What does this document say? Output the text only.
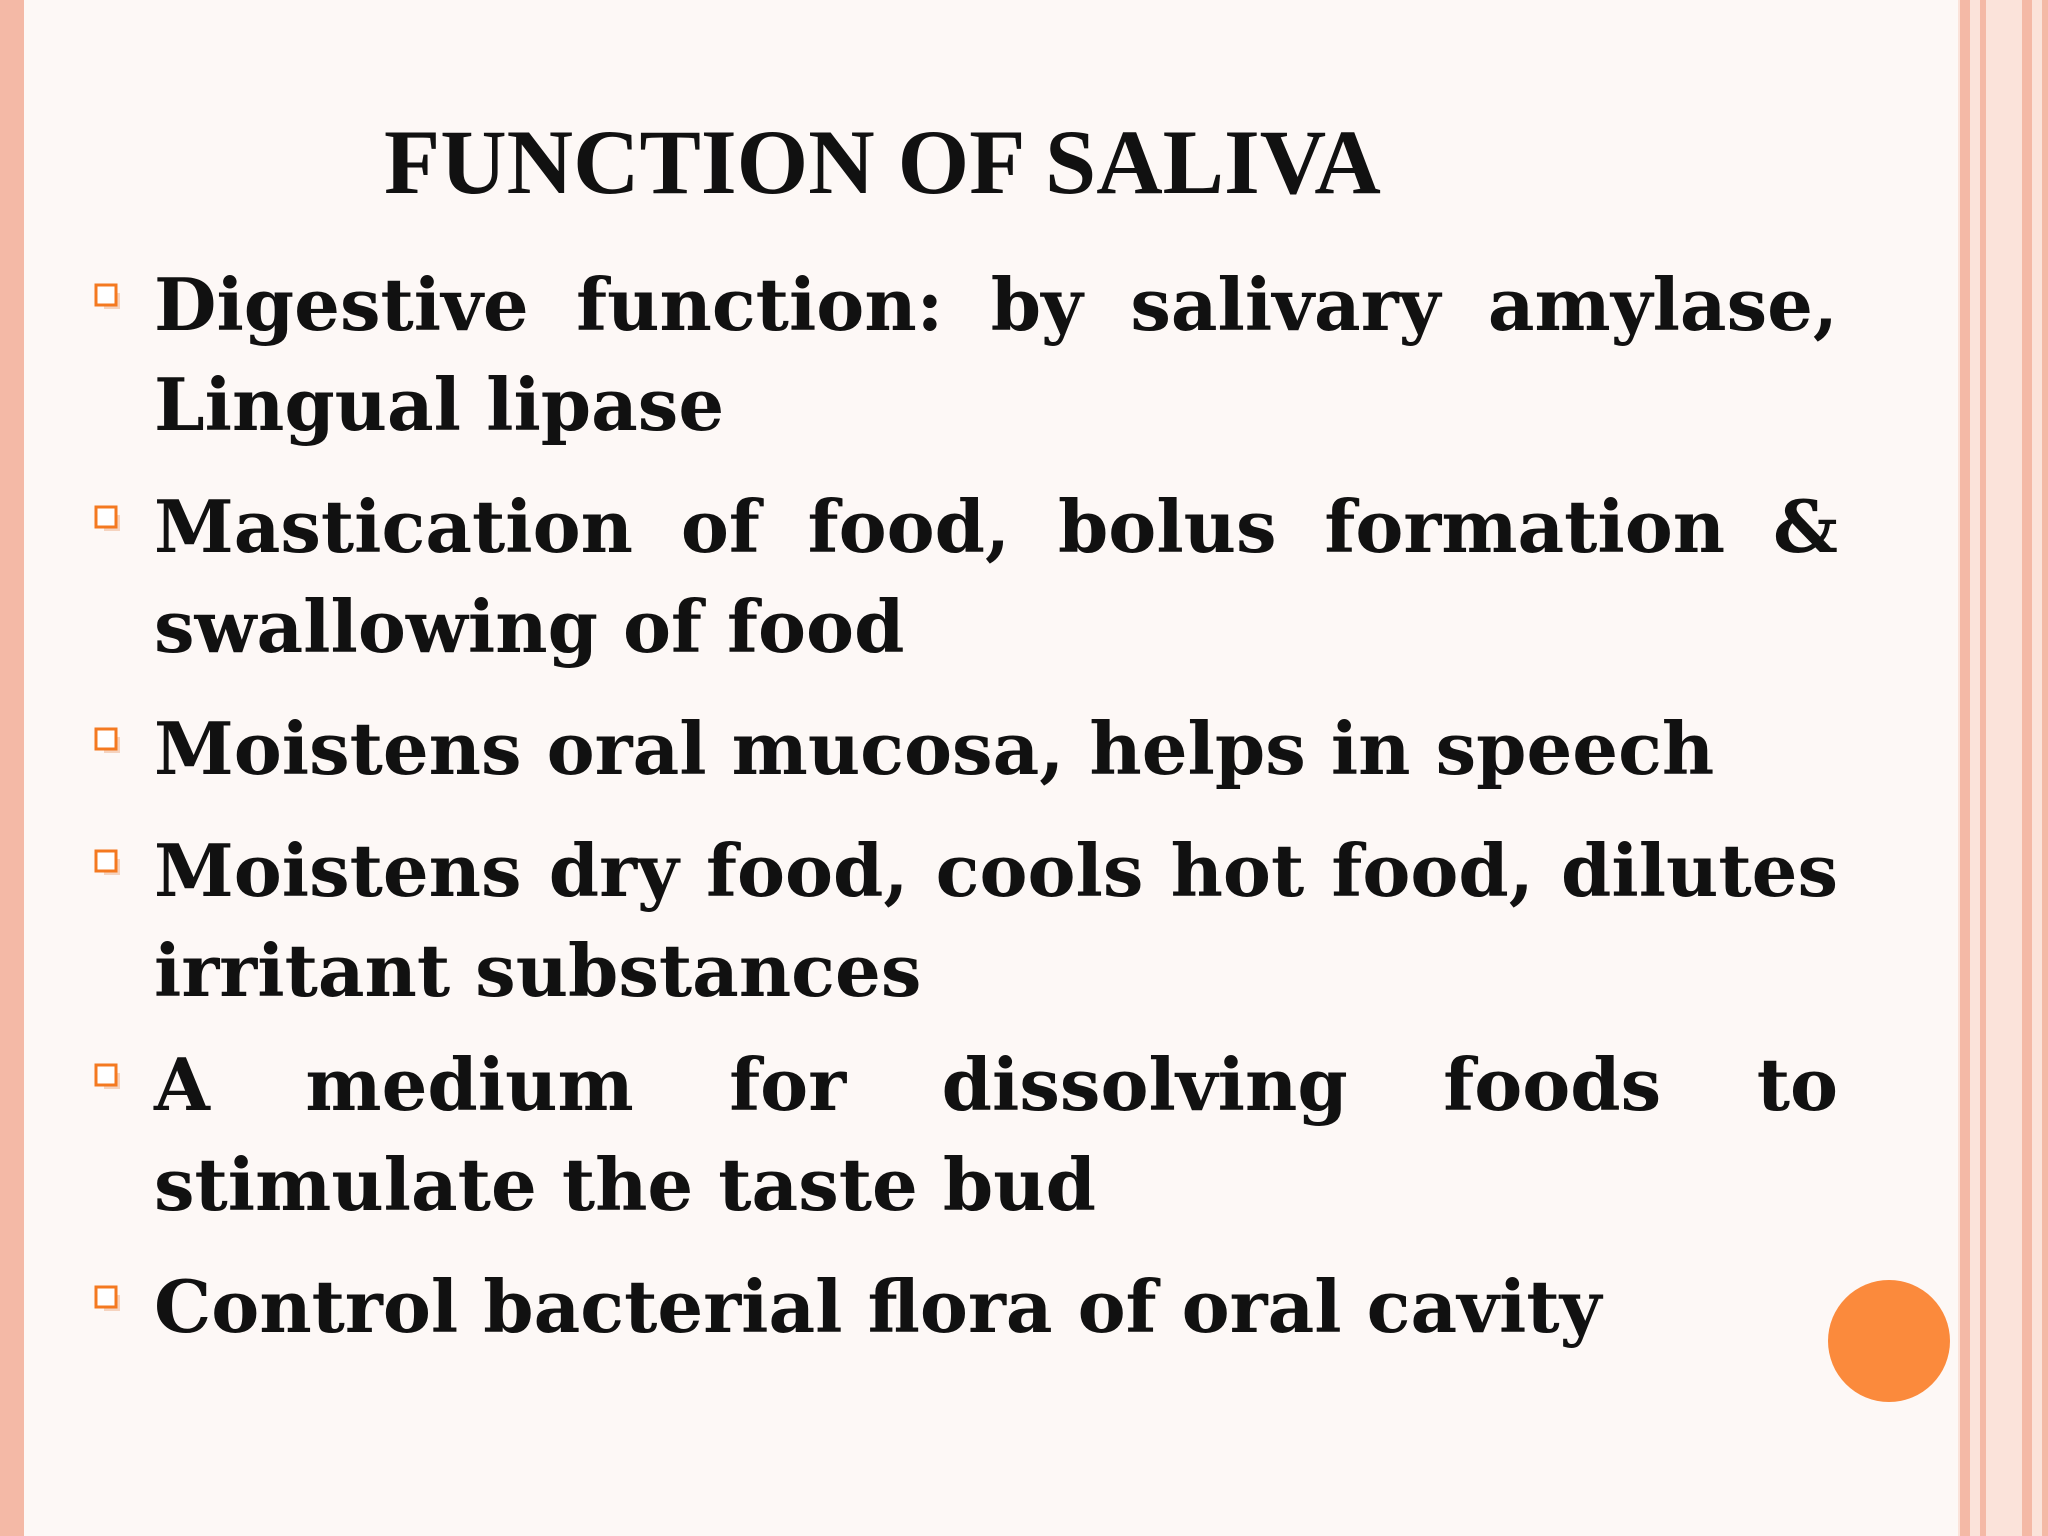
FUNCTION OF SALIVA
Digestive function: by salivary amylase, Lingual lipase
Mastication of food, bolus formation & swallowing of food
Moistens oral mucosa, helps in speech
Moistens dry food, cools hot food, dilutes irritant substances
A medium for dissolving foods to stimulate the taste bud
Control bacterial flora of oral cavity
